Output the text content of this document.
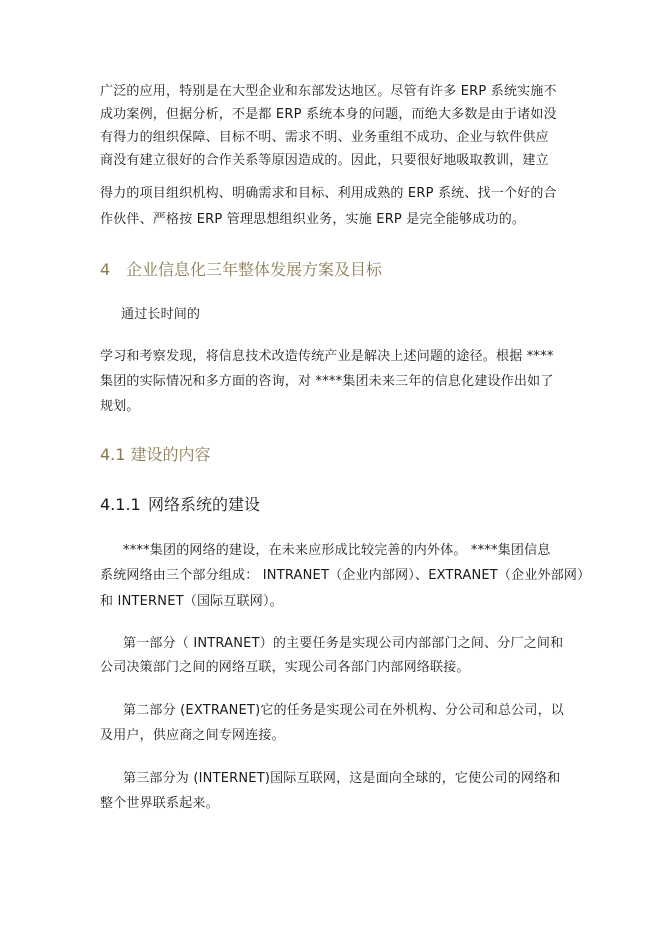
广泛的应用，特别是在大型企业和东部发达地区。尽管有许多 ERP 系统实施不
成功案例，但据分析，不是都 ERP 系统本身的问题，而绝大多数是由于诸如没
有得力的组织保障、目标不明、需求不明、业务重组不成功、企业与软件供应
商没有建立很好的合作关系等原因造成的。因此，只要很好地吸取教训，建立
得力的项目组织机构、明确需求和目标、利用成熟的 ERP 系统、找一个好的合
作伙伴、严格按 ERP 管理思想组织业务，实施 ERP 是完全能够成功的。
4 企业信息化三年整体发展方案及目标
通过长时间的
学习和考察发现，将信息技术改造传统产业是解决上述问题的途径。根据 ****
集团的实际情况和多方面的咨询，对 ****集团未来三年的信息化建设作出如了
规划。
4.1 建设的内容
4.1.1 网络系统的建设
****集团的网络的建设，在未来应形成比较完善的内外体。 ****集团信息
系统网络由三个部分组成： INTRANET（企业内部网）、EXTRANET（企业外部网）
和 INTERNET（国际互联网）。
第一部分（ INTRANET）的主要任务是实现公司内部部门之间、分厂之间和
公司决策部门之间的网络互联，实现公司各部门内部网络联接。
第二部分 (EXTRANET)它的任务是实现公司在外机构、分公司和总公司，以
及用户，供应商之间专网连接。
第三部分为 (INTERNET)国际互联网，这是面向全球的，它使公司的网络和
整个世界联系起来。
